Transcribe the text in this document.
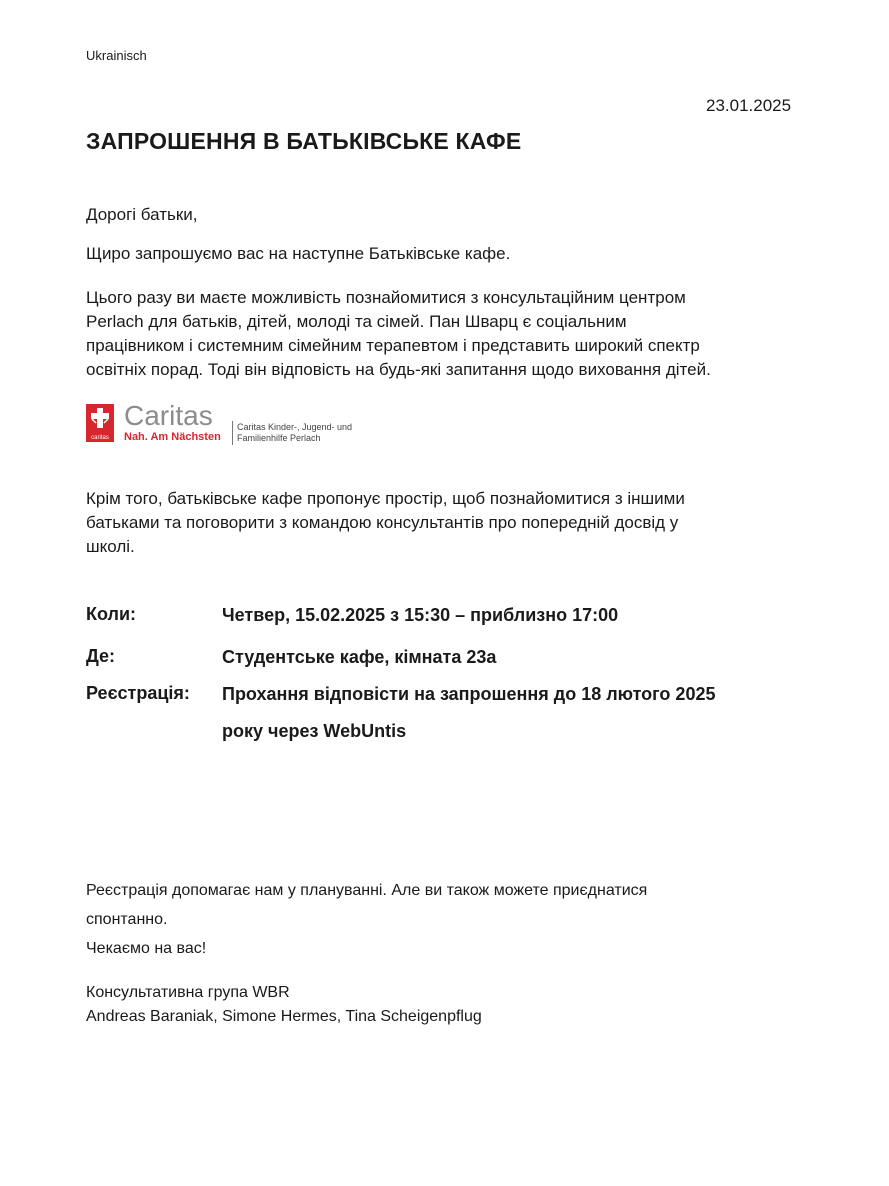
Ukrainisch
23.01.2025
ЗАПРОШЕННЯ В БАТЬКІВСЬКЕ КАФЕ
Дорогі батьки,
Щиро запрошуємо вас на наступне Батьківське кафе.
Цього разу ви маєте можливість познайомитися з консультаційним центром
Perlach для батьків, дітей, молоді та сімей. Пан Шварц є соціальним
працівником і системним сімейним терапевтом і представить широкий спектр
освітніх порад. Тоді він відповість на будь-які запитання щодо виховання дітей.
caritas
Caritas
Nah. Am Nächsten
Caritas Kinder-, Jugend- und
Familienhilfe Perlach
Крім того, батьківське кафе пропонує простір, щоб познайомитися з іншими
батьками та поговорити з командою консультантів про попередній досвід у
школі.
Коли:	Четвер, 15.02.2025 з 15:30 – приблизно 17:00
Де:	Студентське кафе, кімната 23а
Реєстрація:	Прохання відповісти на запрошення до 18 лютого 2025
року через WebUntis
Реєстрація допомагає нам у плануванні. Але ви також можете приєднатися
спонтанно.
Чекаємо на вас!
Консультативна група WBR
Andreas Baraniak, Simone Hermes, Tina Scheigenpflug
